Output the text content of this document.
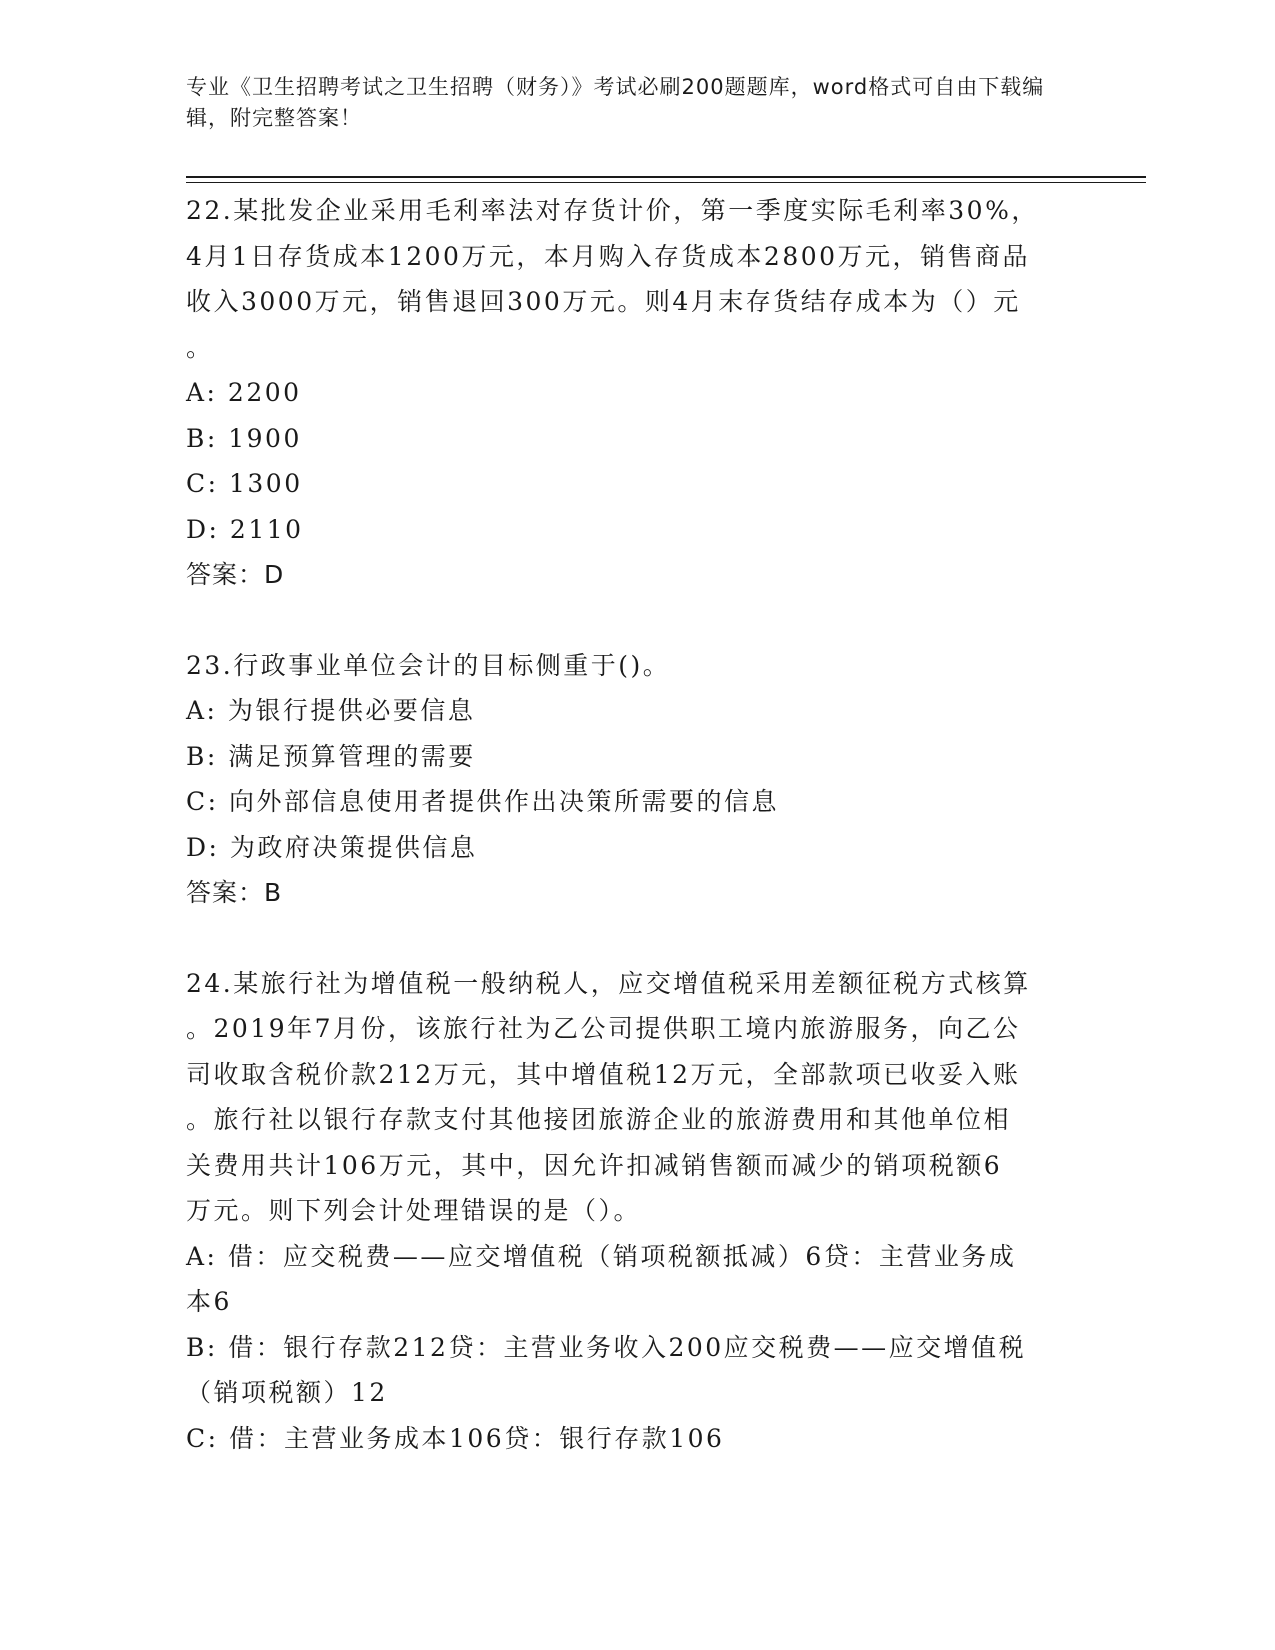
专业《卫生招聘考试之卫生招聘（财务）》考试必刷200题题库，word格式可自由下载编辑，附完整答案！

22.某批发企业采用毛利率法对存货计价，第一季度实际毛利率30%，

4月1日存货成本1200万元，本月购入存货成本2800万元，销售商品

收入3000万元，销售退回300万元。则4月末存货结存成本为（）元

。

A: 2200

B: 1900

C: 1300

D: 2110

答案：D

23.行政事业单位会计的目标侧重于()。

A: 为银行提供必要信息

B: 满足预算管理的需要

C: 向外部信息使用者提供作出决策所需要的信息

D: 为政府决策提供信息

答案：B

24.某旅行社为增值税一般纳税人，应交增值税采用差额征税方式核算

。2019年7月份，该旅行社为乙公司提供职工境内旅游服务，向乙公

司收取含税价款212万元，其中增值税12万元，全部款项已收妥入账

。旅行社以银行存款支付其他接团旅游企业的旅游费用和其他单位相

关费用共计106万元，其中，因允许扣减销售额而减少的销项税额6

万元。则下列会计处理错误的是（）。

A: 借：应交税费——应交增值税（销项税额抵减）6贷：主营业务成

本6

B: 借：银行存款212贷：主营业务收入200应交税费——应交增值税

（销项税额）12

C: 借：主营业务成本106贷：银行存款106
